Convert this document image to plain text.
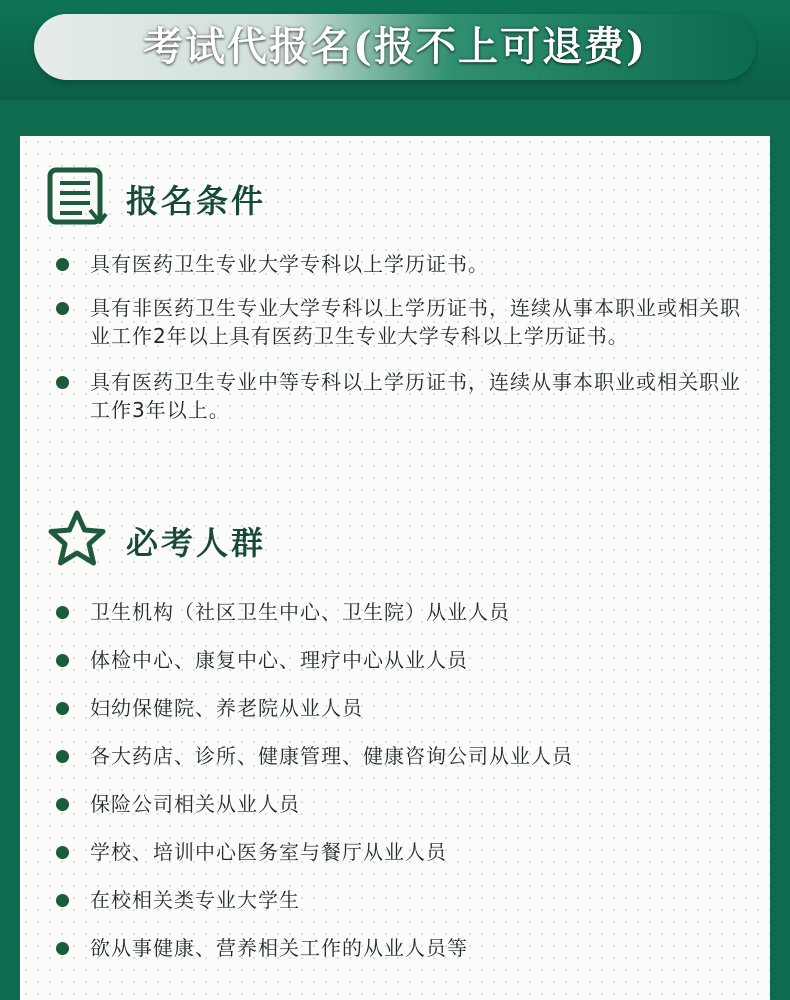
考试代报名(报不上可退费)
报名条件
具有医药卫生专业大学专科以上学历证书。
具有非医药卫生专业大学专科以上学历证书，连续从事本职业或相关职业工作2年以上具有医药卫生专业大学专科以上学历证书。
具有医药卫生专业中等专科以上学历证书，连续从事本职业或相关职业工作3年以上。
必考人群
卫生机构（社区卫生中心、卫生院）从业人员
体检中心、康复中心、理疗中心从业人员
妇幼保健院、养老院从业人员
各大药店、诊所、健康管理、健康咨询公司从业人员
保险公司相关从业人员
学校、培训中心医务室与餐厅从业人员
在校相关类专业大学生
欲从事健康、营养相关工作的从业人员等
